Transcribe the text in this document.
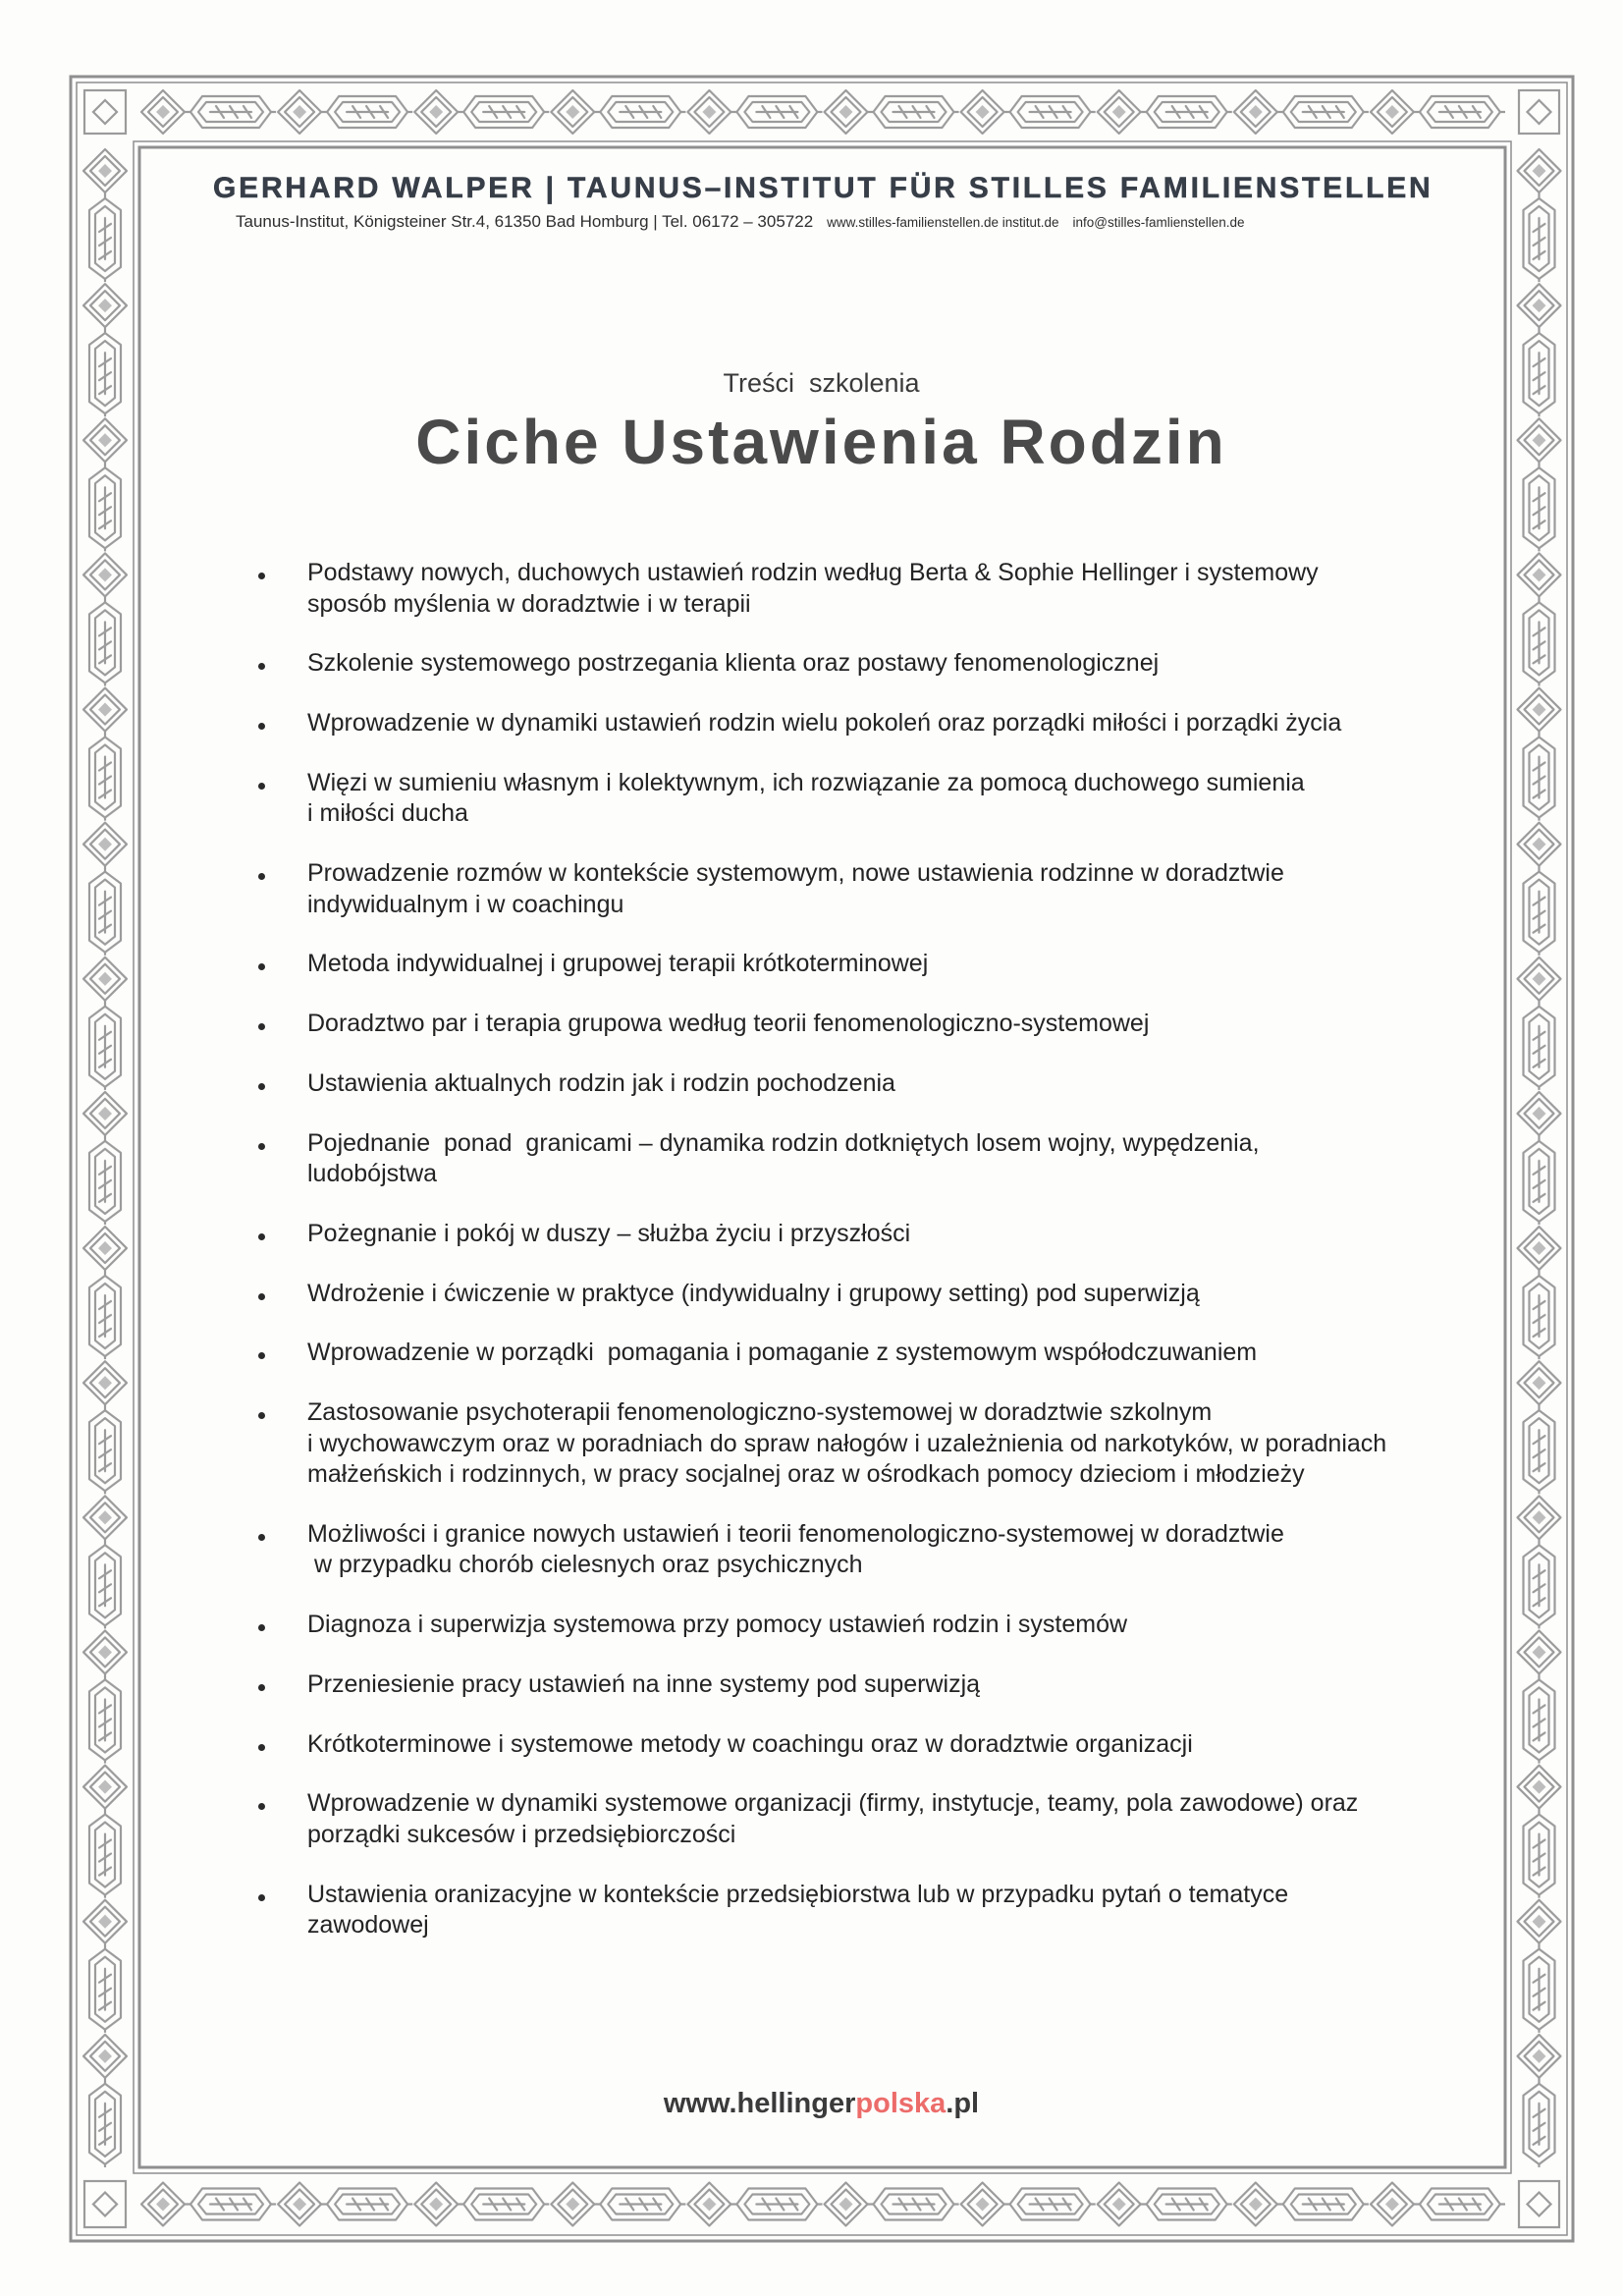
GERHARD WALPER | TAUNUS–INSTITUT FÜR STILLES FAMILIENSTELLEN
Taunus-Institut, Königsteiner Str.4, 61350 Bad Homburg | Tel. 06172 – 305722 www.stilles-familienstellen.de institut.de info@stilles-famlienstellen.de
Treści  szkolenia
Ciche Ustawienia Rodzin
Podstawy nowych, duchowych ustawień rodzin według Berta & Sophie Hellinger i systemowy
sposób myślenia w doradztwie i w terapii
Szkolenie systemowego postrzegania klienta oraz postawy fenomenologicznej
Wprowadzenie w dynamiki ustawień rodzin wielu pokoleń oraz porządki miłości i porządki życia
Więzi w sumieniu własnym i kolektywnym, ich rozwiązanie za pomocą duchowego sumienia
i miłości ducha
Prowadzenie rozmów w kontekście systemowym, nowe ustawienia rodzinne w doradztwie
indywidualnym i w coachingu
Metoda indywidualnej i grupowej terapii krótkoterminowej
Doradztwo par i terapia grupowa według teorii fenomenologiczno-systemowej
Ustawienia aktualnych rodzin jak i rodzin pochodzenia
Pojednanie  ponad  granicami – dynamika rodzin dotkniętych losem wojny, wypędzenia,
ludobójstwa
Pożegnanie i pokój w duszy – służba życiu i przyszłości
Wdrożenie i ćwiczenie w praktyce (indywidualny i grupowy setting) pod superwizją
Wprowadzenie w porządki  pomagania i pomaganie z systemowym współodczuwaniem
Zastosowanie psychoterapii fenomenologiczno-systemowej w doradztwie szkolnym
i wychowawczym oraz w poradniach do spraw nałogów i uzależnienia od narkotyków, w poradniach
małżeńskich i rodzinnych, w pracy socjalnej oraz w ośrodkach pomocy dzieciom i młodzieży
Możliwości i granice nowych ustawień i teorii fenomenologiczno-systemowej w doradztwie
w przypadku chorób cielesnych oraz psychicznych
Diagnoza i superwizja systemowa przy pomocy ustawień rodzin i systemów
Przeniesienie pracy ustawień na inne systemy pod superwizją
Krótkoterminowe i systemowe metody w coachingu oraz w doradztwie organizacji
Wprowadzenie w dynamiki systemowe organizacji (firmy, instytucje, teamy, pola zawodowe) oraz
porządki sukcesów i przedsiębiorczości
Ustawienia oranizacyjne w kontekście przedsiębiorstwa lub w przypadku pytań o tematyce
zawodowej
www.hellingerpolska.pl
